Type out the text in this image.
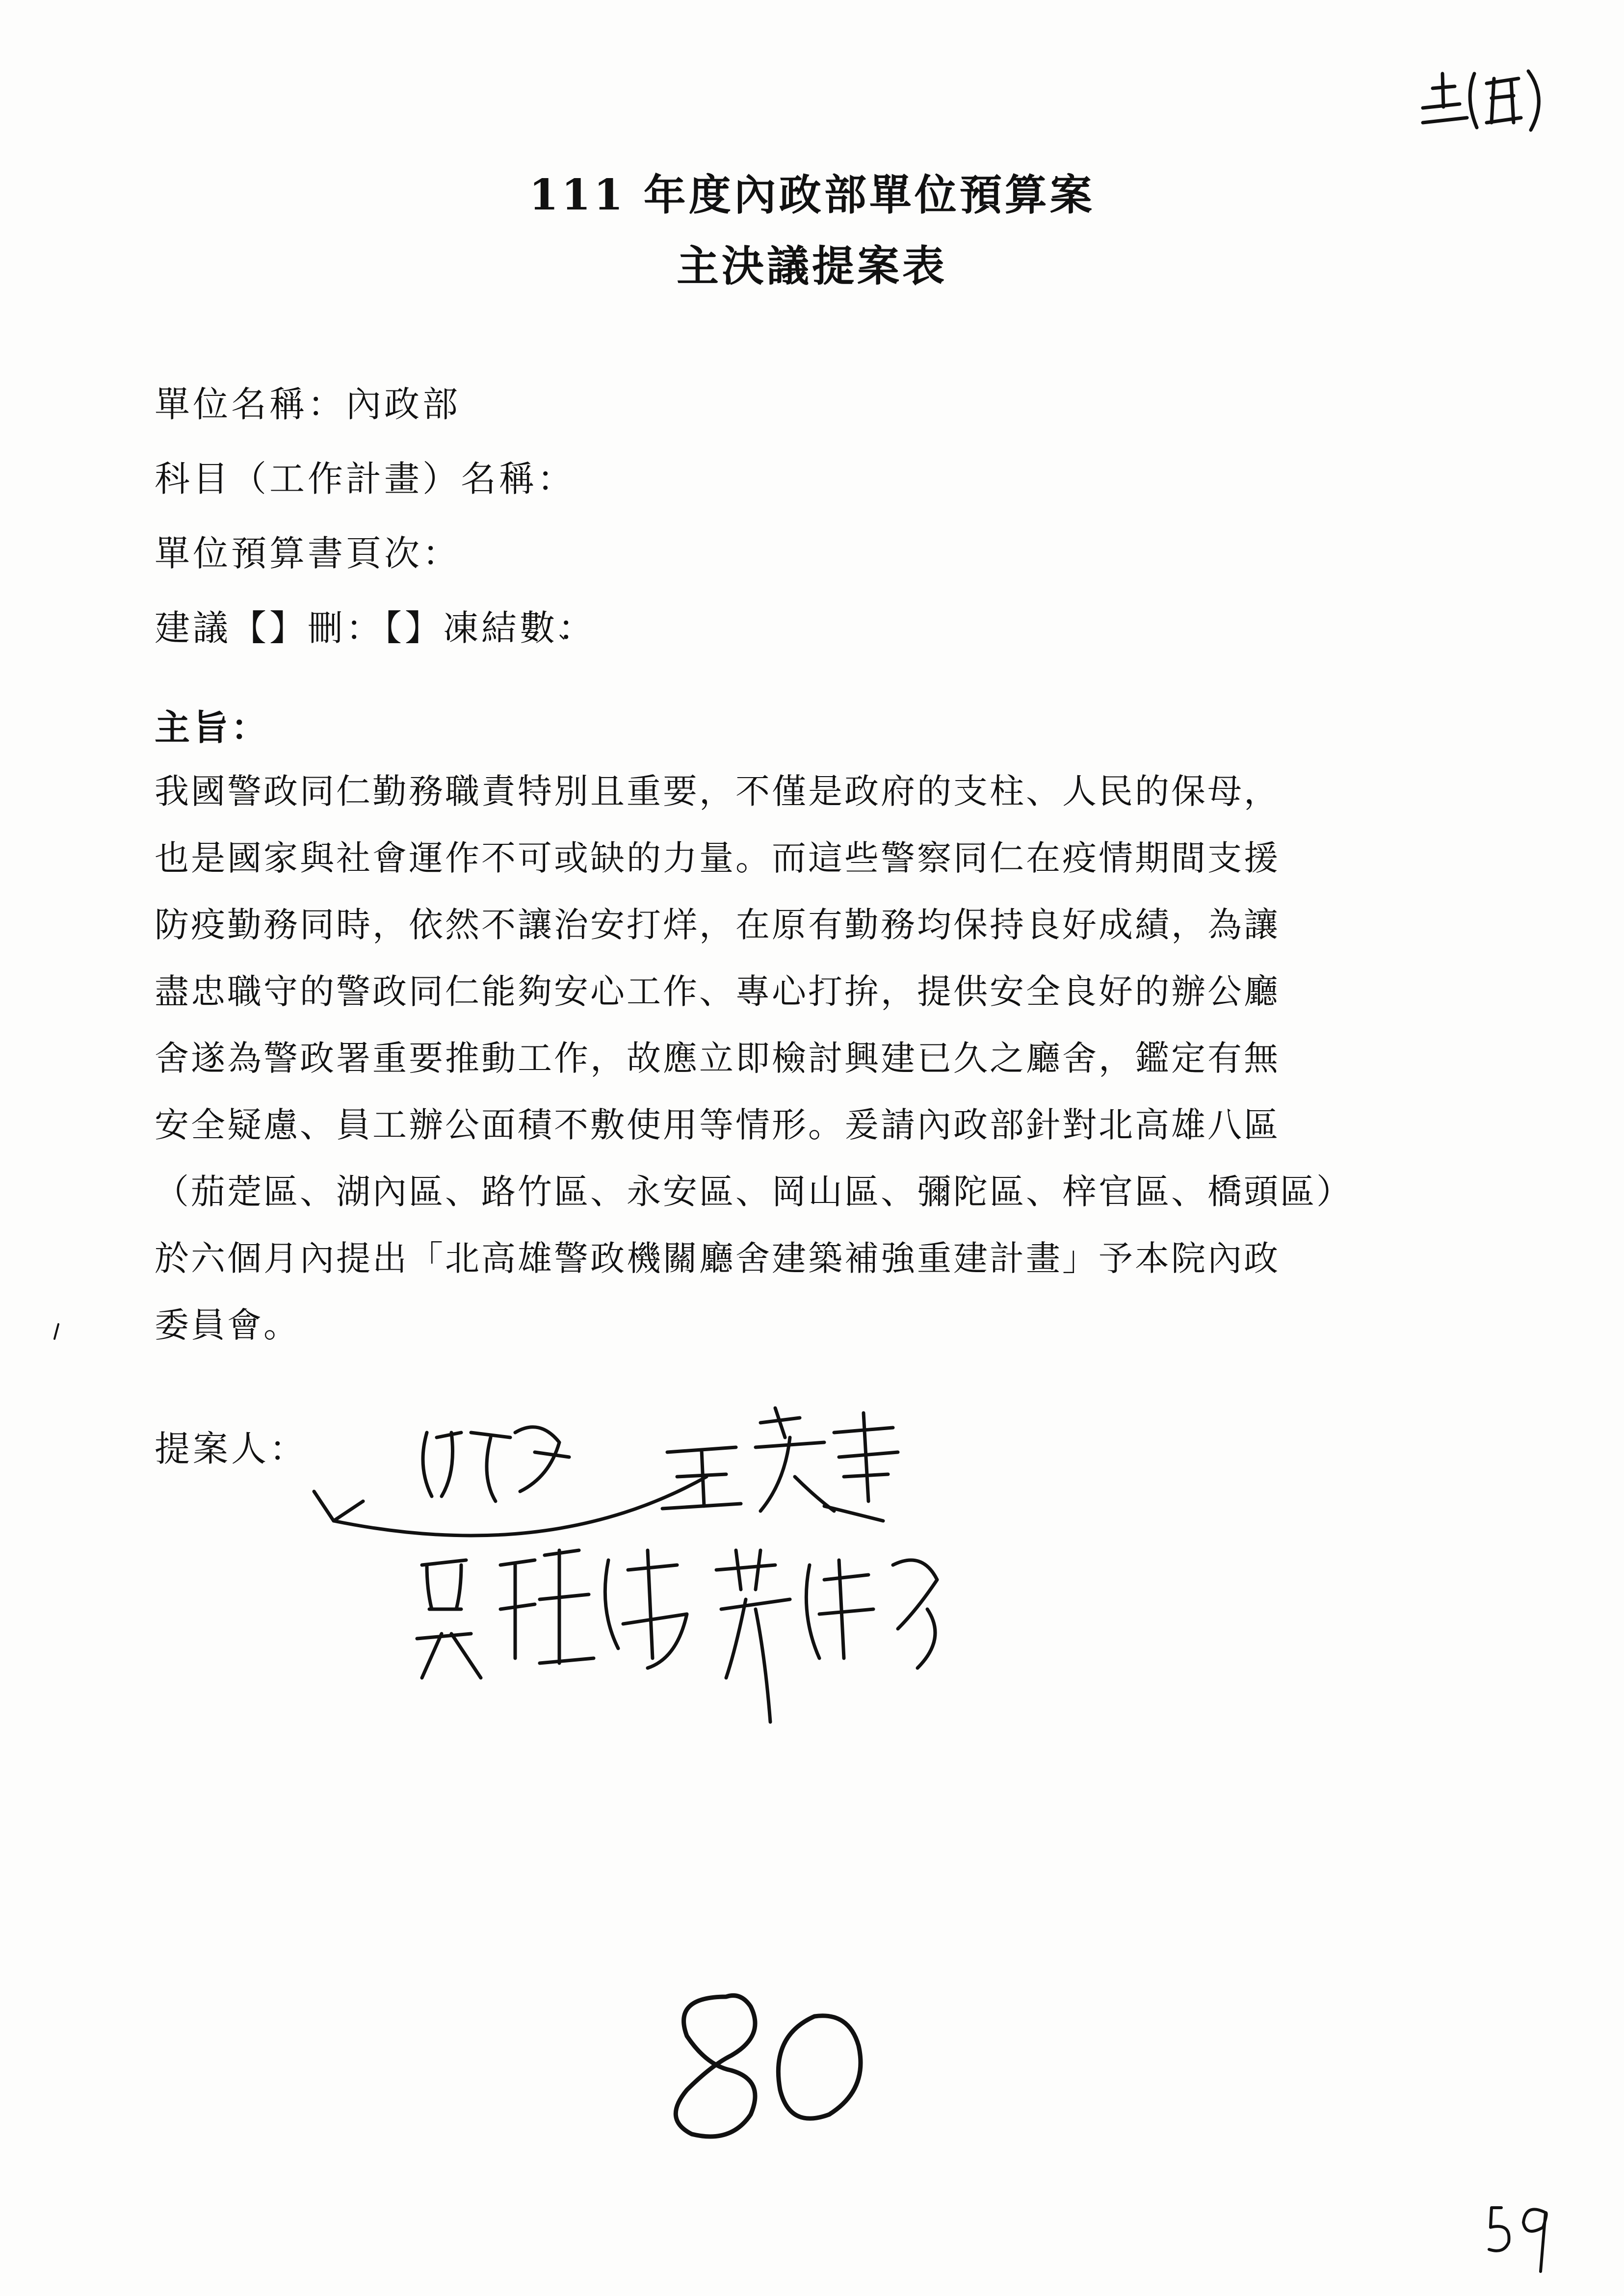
111 年度內政部單位預算案
主決議提案表
單位名稱：內政部
科目（工作計畫）名稱：
單位預算書頁次：
建議【】刪：【】凍結數：
主旨：
我國警政同仁勤務職責特別且重要，不僅是政府的支柱、人民的保母，
也是國家與社會運作不可或缺的力量。而這些警察同仁在疫情期間支援
防疫勤務同時，依然不讓治安打烊，在原有勤務均保持良好成績，為讓
盡忠職守的警政同仁能夠安心工作、專心打拚，提供安全良好的辦公廳
舍遂為警政署重要推動工作，故應立即檢討興建已久之廳舍，鑑定有無
安全疑慮、員工辦公面積不敷使用等情形。爰請內政部針對北高雄八區
（茄萣區、湖內區、路竹區、永安區、岡山區、彌陀區、梓官區、橋頭區）
於六個月內提出「北高雄警政機關廳舍建築補強重建計畫」予本院內政
委員會。
提案人：
